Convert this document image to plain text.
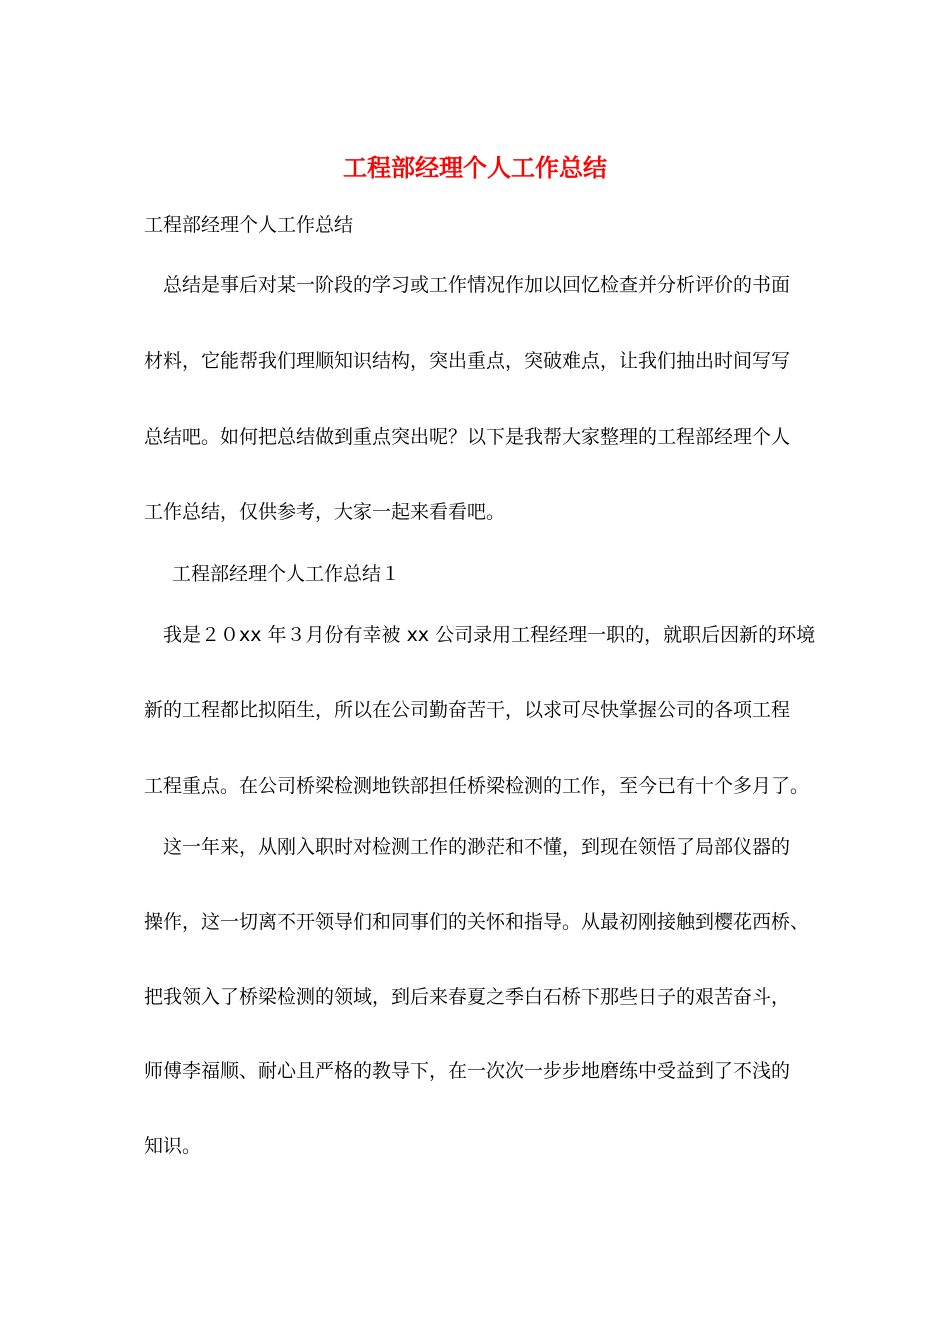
工程部经理个人工作总结
工程部经理个人工作总结
总结是事后对某一阶段的学习或工作情况作加以回忆检查并分析评价的书面
材料，它能帮我们理顺知识结构，突出重点，突破难点，让我们抽出时间写写
总结吧。如何把总结做到重点突出呢？以下是我帮大家整理的工程部经理个人
工作总结，仅供参考，大家一起来看看吧。
工程部经理个人工作总结１
我是２０xx 年３月份有幸被 xx 公司录用工程经理一职的，就职后因新的环境
新的工程都比拟陌生，所以在公司勤奋苦干，以求可尽快掌握公司的各项工程
工程重点。在公司桥梁检测地铁部担任桥梁检测的工作，至今已有十个多月了。
这一年来，从刚入职时对检测工作的渺茫和不懂，到现在领悟了局部仪器的
操作，这一切离不开领导们和同事们的关怀和指导。从最初刚接触到樱花西桥、
把我领入了桥梁检测的领域，到后来春夏之季白石桥下那些日子的艰苦奋斗，
师傅李福顺、耐心且严格的教导下，在一次次一步步地磨练中受益到了不浅的
知识。
